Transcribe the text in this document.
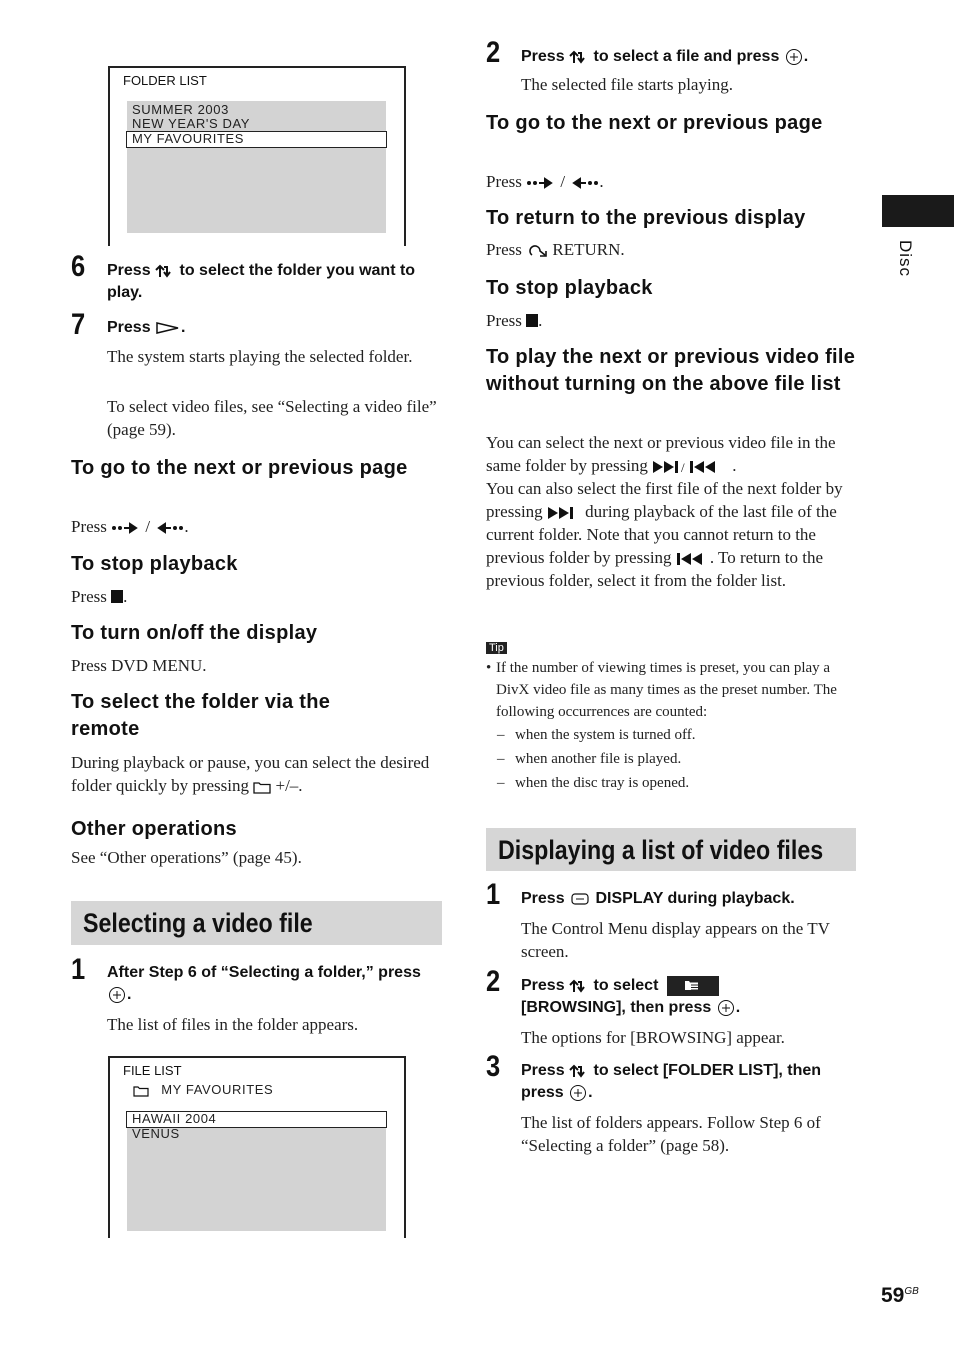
FOLDER LIST
SUMMER 2003
NEW YEAR'S DAY
MY FAVOURITES
6 Press  to select the folder you want to play.
7 Press .
The system starts playing the selected folder.
To select video files, see “Selecting a video file” (page 59).
To go to the next or previous page
Press  / .
To stop playback
Press .
To turn on/off the display
Press DVD MENU.
To select the folder via the remote
During playback or pause, you can select the desired folder quickly by pressing  +/–.
Other operations
See “Other operations” (page 45).
Selecting a video file
1 After Step 6 of “Selecting a folder,” press .
The list of files in the folder appears.
FILE LIST
MY FAVOURITES
HAWAII 2004
VENUS
2 Press  to select a file and press .
The selected file starts playing.
To go to the next or previous page
Press  / .
To return to the previous display
Press  RETURN.
To stop playback
Press .
To play the next or previous video file without turning on the above file list
You can select the next or previous video file in the same folder by pressing /	.
You can also select the first file of the next folder by pressing  during playback of the last file of the current folder. Note that you cannot return to the previous folder by pressing . To return to the previous folder, select it from the folder list.
Tip
• If the number of viewing times is preset, you can play a DivX video file as many times as the preset number. The following occurrences are counted:
– when the system is turned off.
– when another file is played.
– when the disc tray is opened.
Displaying a list of video files
1 Press  DISPLAY during playback.
The Control Menu display appears on the TV screen.
2 Press  to select
[BROWSING], then press .
The options for [BROWSING] appear.
3 Press  to select [FOLDER LIST], then press .
The list of folders appears. Follow Step 6 of “Selecting a folder” (page 58).
Disc
$59^{GB}$
